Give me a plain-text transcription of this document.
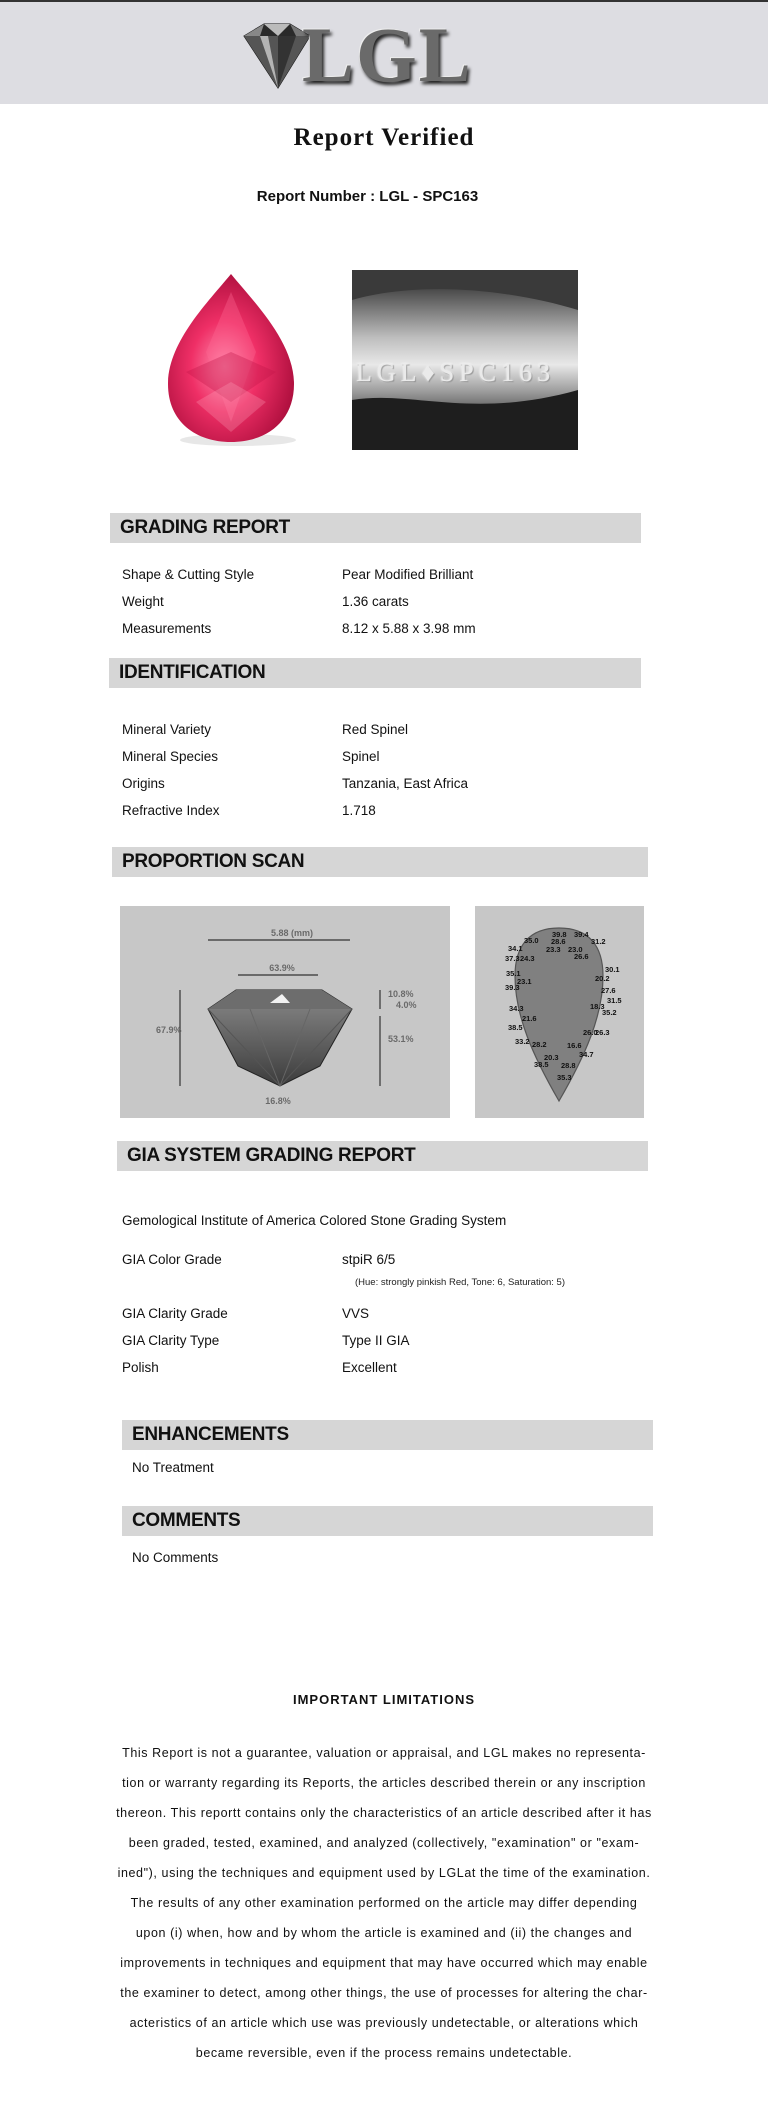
LGL
Report Verified
Report Number : LGL - SPC163
LGL♦SPC163
GRADING REPORT
Shape & Cutting Style	Pear Modified Brilliant
Weight	1.36 carats
Measurements	8.12 x 5.88 x 3.98 mm
IDENTIFICATION
Mineral Variety	Red Spinel
Mineral Species	Spinel
Origins	Tanzania, East Africa
Refractive Index	1.718
PROPORTION SCAN
5.88 (mm)
63.9%
67.9%
10.8%
4.0%
53.1%
16.8%
39.8 39.4
35.0 28.6	31.2
34.1	23.3 23.0
26.6
37.3 24.3
30.1
35.1
20.2
23.1
27.6
39.3
31.5
18.3
34.3	35.2
21.6
38.5
26.0
26.3
33.2 28.2	16.6
34.7
20.3
38.5 28.8
35.3
GIA SYSTEM GRADING REPORT
Gemological Institute of America Colored Stone Grading System
GIA Color Grade	stpiR 6/5
(Hue: strongly pinkish Red, Tone: 6, Saturation: 5)
GIA Clarity Grade	VVS
GIA Clarity Type	Type II GIA
Polish	Excellent
ENHANCEMENTS
No Treatment
COMMENTS
No Comments
IMPORTANT LIMITATIONS
This Report is not a guarantee, valuation or appraisal, and LGL makes no representa-
tion or warranty regarding its Reports, the articles described therein or any inscription
thereon. This reportt contains only the characteristics of an article described after it has
been graded, tested, examined, and analyzed (collectively, "examination" or "exam-
ined"), using the techniques and equipment used by LGLat the time of the examination.
The results of any other examination performed on the article may differ depending
upon (i) when, how and by whom the article is examined and (ii) the changes and
improvements in techniques and equipment that may have occurred which may enable
the examiner to detect, among other things, the use of processes for altering the char-
acteristics of an article which use was previously undetectable, or alterations which
became reversible, even if the process remains undetectable.
